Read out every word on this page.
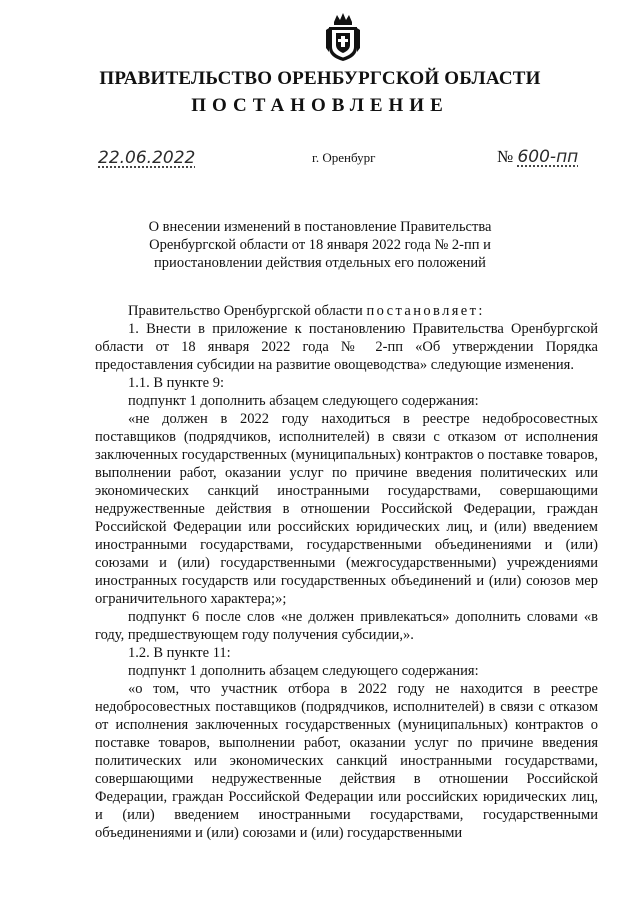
ПРАВИТЕЛЬСТВО ОРЕНБУРГСКОЙ ОБЛАСТИ
ПОСТАНОВЛЕНИЕ
22.06.2022	г. Оренбург	№ 600-пп
О внесении изменений в постановление Правительства
Оренбургской области от 18 января 2022 года № 2-пп и
приостановлении действия отдельных его положений

Правительство Оренбургской области постановляет:

1. Внести в приложение к постановлению Правительства Оренбургской области от 18 января 2022 года № 2-пп «Об утверждении Порядка предоставления субсидии на развитие овощеводства» следующие изменения.

1.1. В пункте 9:

подпункт 1 дополнить абзацем следующего содержания:

«не должен в 2022 году находиться в реестре недобросовестных поставщиков (подрядчиков, исполнителей) в связи с отказом от исполнения заключенных государственных (муниципальных) контрактов о поставке товаров, выполнении работ, оказании услуг по причине введения политических или экономических санкций иностранными государствами, совершающими недружественные действия в отношении Российской Федерации, граждан Российской Федерации или российских юридических лиц, и (или) введением иностранными государствами, государственными объединениями и (или) союзами и (или) государственными (межгосударственными) учреждениями иностранных государств или государственных объединений и (или) союзов мер ограничительного характера;»;

подпункт 6 после слов «не должен привлекаться» дополнить словами «в году, предшествующем году получения субсидии,».

1.2. В пункте 11:

подпункт 1 дополнить абзацем следующего содержания:

«о том, что участник отбора в 2022 году не находится в реестре недобросовестных поставщиков (подрядчиков, исполнителей) в связи с отказом от исполнения заключенных государственных (муниципальных) контрактов о поставке товаров, выполнении работ, оказании услуг по причине введения политических или экономических санкций иностранными государствами, совершающими недружественные действия в отношении Российской Федерации, граждан Российской Федерации или российских юридических лиц, и (или) введением иностранными государствами, государственными объединениями и (или) союзами и (или) государственными
